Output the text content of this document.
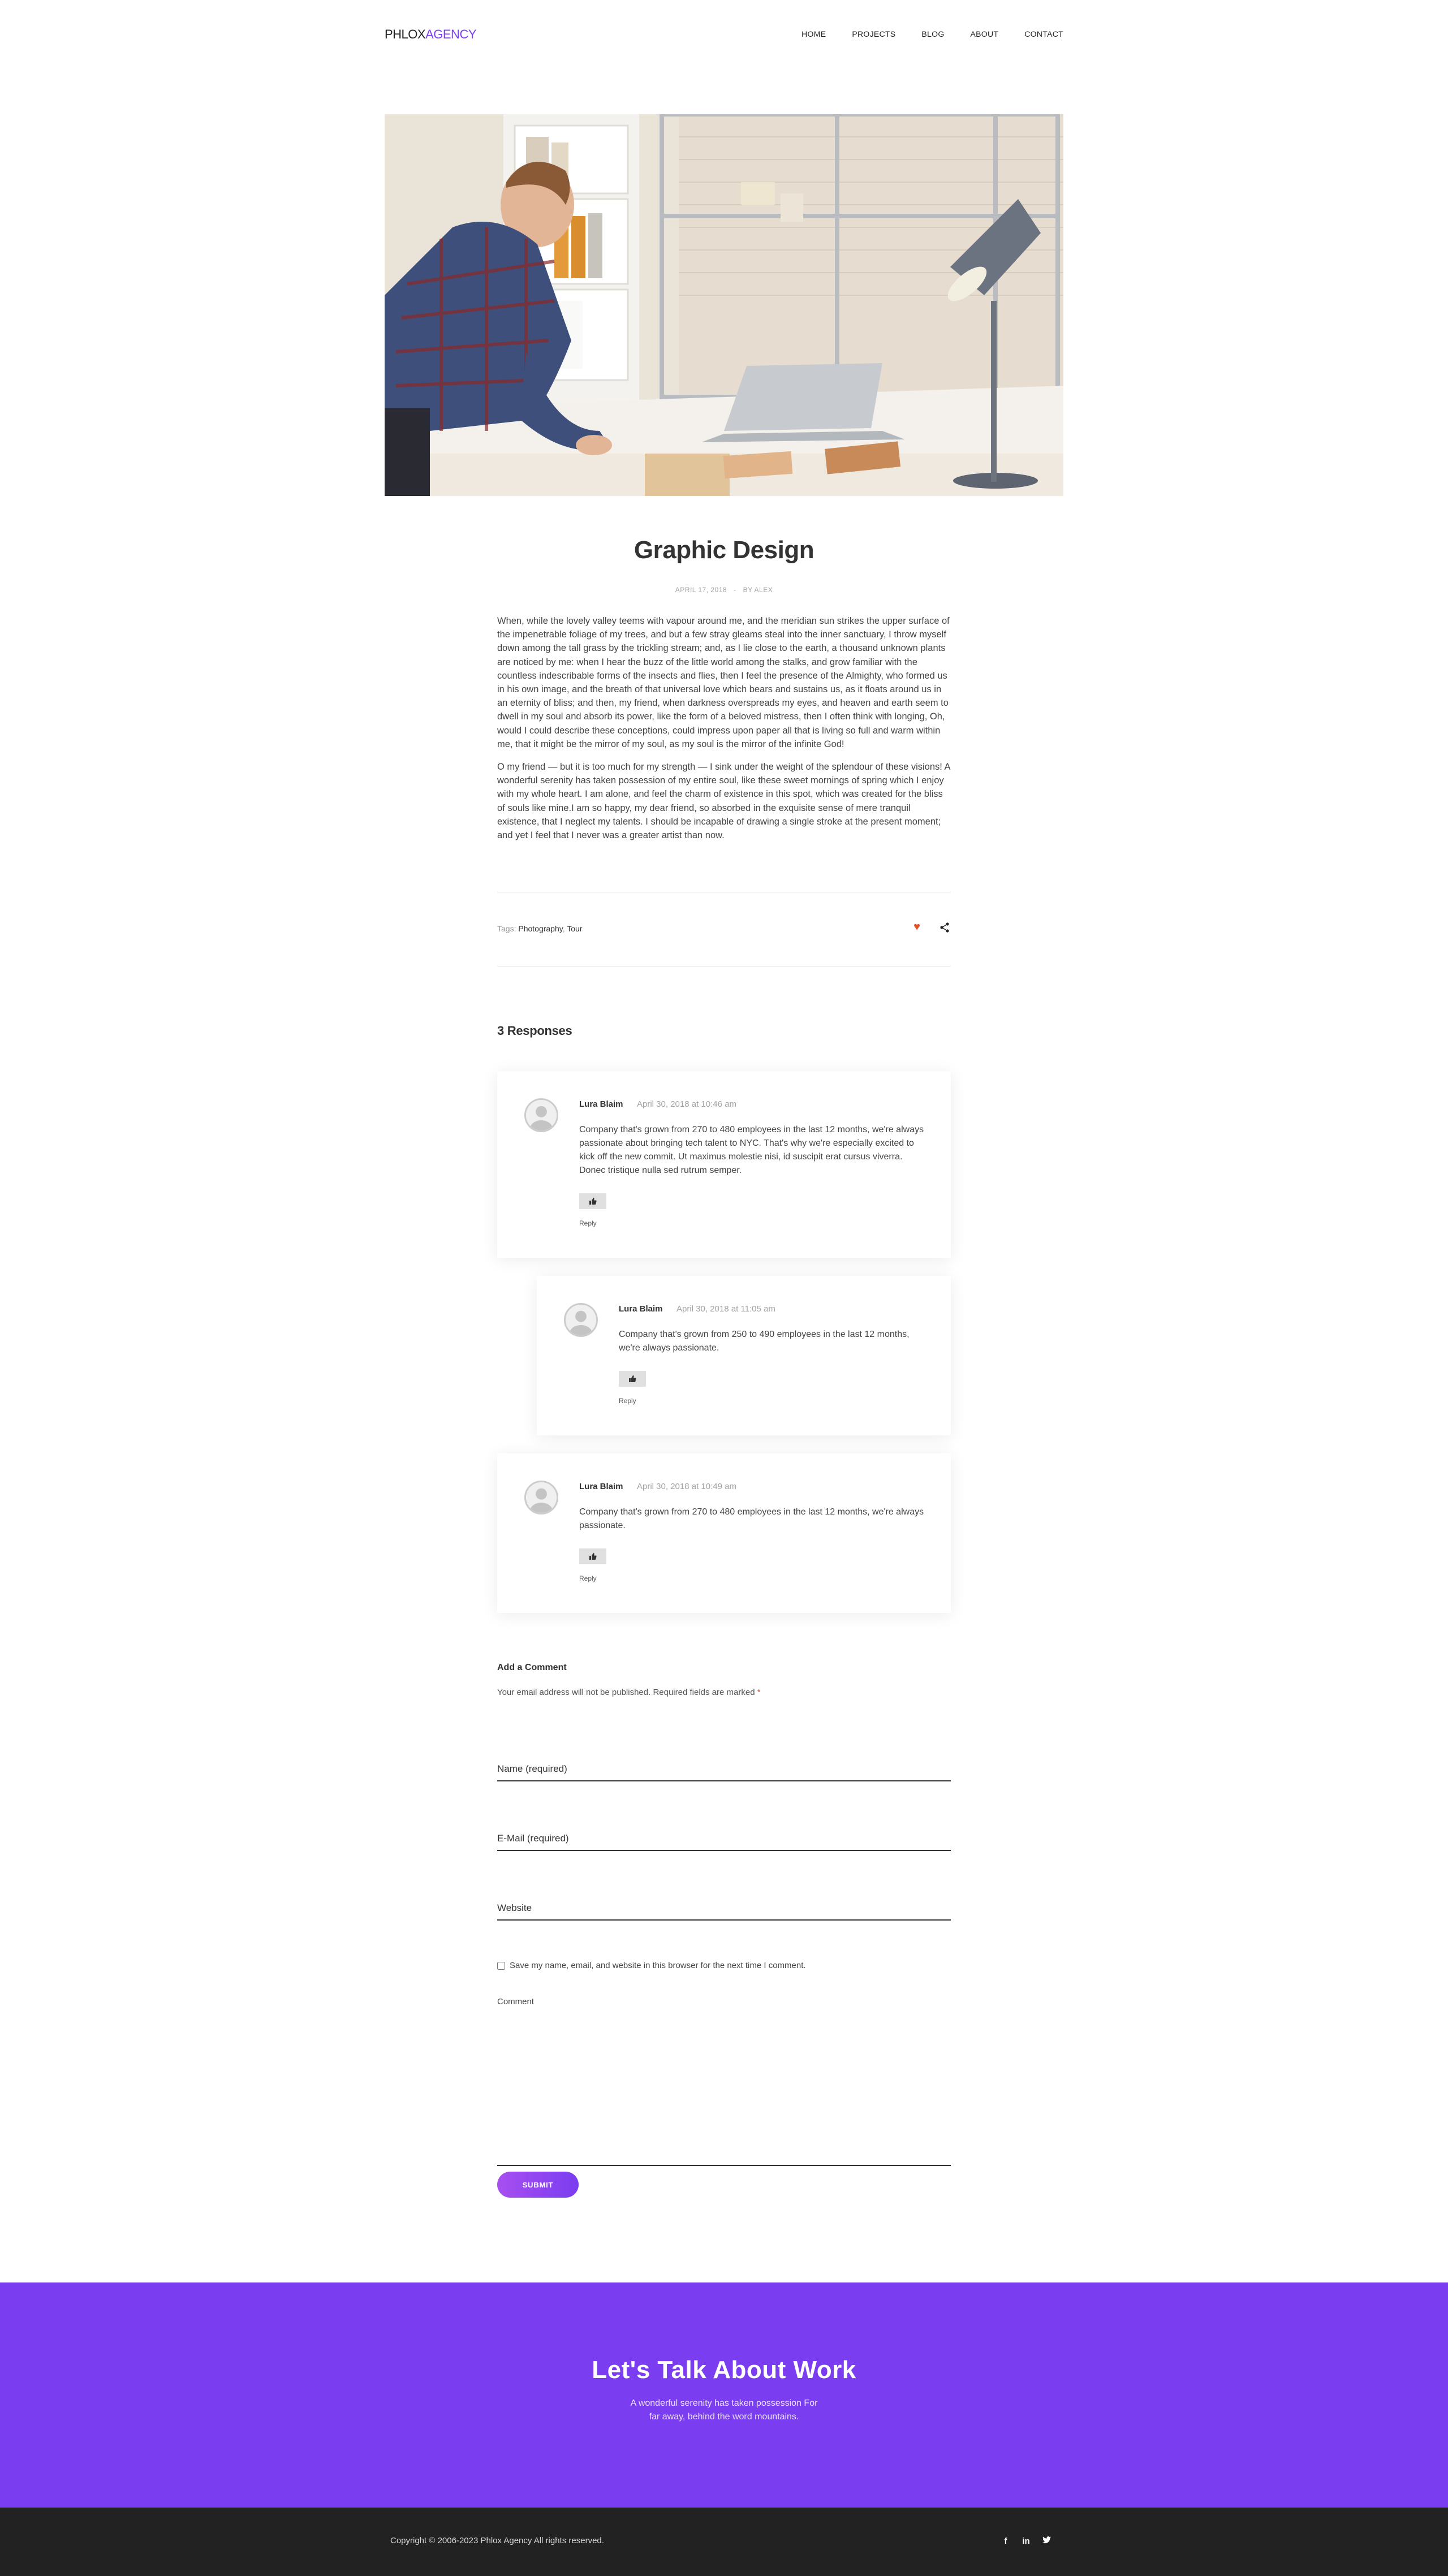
PHLOXAGENCY	HOME	PROJECTS	BLOG	ABOUT	CONTACT
Graphic Design
APRIL 17, 2018 - BY ALEX

When, while the lovely valley teems with vapour around me, and the meridian sun strikes the upper surface of the impenetrable foliage of my trees, and but a few stray gleams steal into the inner sanctuary, I throw myself down among the tall grass by the trickling stream; and, as I lie close to the earth, a thousand unknown plants are noticed by me: when I hear the buzz of the little world among the stalks, and grow familiar with the countless indescribable forms of the insects and flies, then I feel the presence of the Almighty, who formed us in his own image, and the breath of that universal love which bears and sustains us, as it floats around us in an eternity of bliss; and then, my friend, when darkness overspreads my eyes, and heaven and earth seem to dwell in my soul and absorb its power, like the form of a beloved mistress, then I often think with longing, Oh, would I could describe these conceptions, could impress upon paper all that is living so full and warm within me, that it might be the mirror of my soul, as my soul is the mirror of the infinite God!

O my friend — but it is too much for my strength — I sink under the weight of the splendour of these visions! A wonderful serenity has taken possession of my entire soul, like these sweet mornings of spring which I enjoy with my whole heart. I am alone, and feel the charm of existence in this spot, which was created for the bliss of souls like mine.I am so happy, my dear friend, so absorbed in the exquisite sense of mere tranquil existence, that I neglect my talents. I should be incapable of drawing a single stroke at the present moment; and yet I feel that I never was a greater artist than now.

Tags: Photography, Tour	♥
3 Responses
Lura Blaim April 30, 2018 at 10:46 am

Company that's grown from 270 to 480 employees in the last 12 months, we're always passionate about bringing tech talent to NYC. That's why we're especially excited to kick off the new commit. Ut maximus molestie nisi, id suscipit erat cursus viverra. Donec tristique nulla sed rutrum semper.

Reply
Lura Blaim April 30, 2018 at 11:05 am

Company that's grown from 250 to 490 employees in the last 12 months, we're always passionate.

Reply
Lura Blaim April 30, 2018 at 10:49 am

Company that's grown from 270 to 480 employees in the last 12 months, we're always passionate.

Reply
Add a Comment

Your email address will not be published. Required fields are marked *

Name (required)
E-Mail (required)
Website
Save my name, email, and website in this browser for the next time I comment.
Comment
SUBMIT
Let's Talk About Work
A wonderful serenity has taken possession For
far away, behind the word mountains.
Copyright © 2006-2023 Phlox Agency All rights reserved.	f	in
